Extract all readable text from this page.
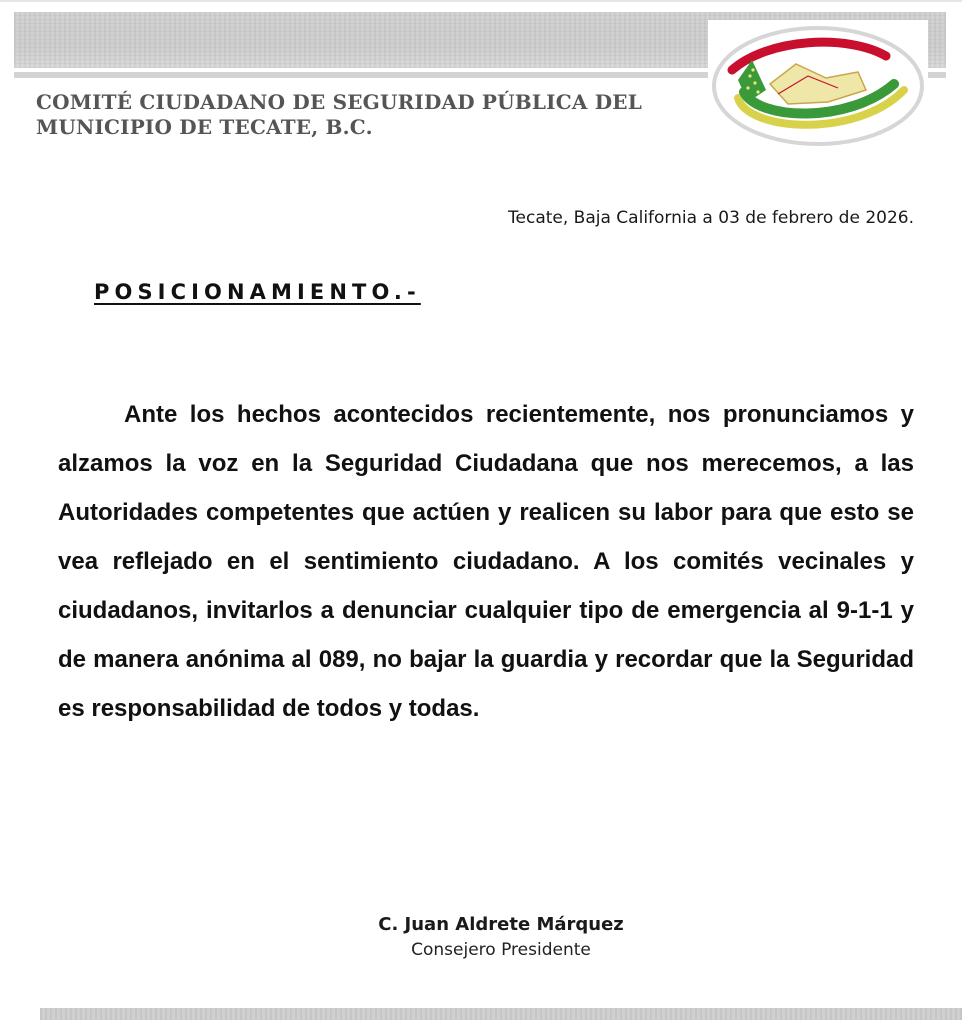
COMITÉ CIUDADANO DE SEGURIDAD PÚBLICA DEL
MUNICIPIO DE TECATE, B.C.

Tecate, Baja California a 03 de febrero de 2026.

POSICIONAMIENTO.-

Ante los hechos acontecidos recientemente, nos pronunciamos y alzamos la voz en la Seguridad Ciudadana que nos merecemos, a las Autoridades competentes que actúen y realicen su labor para que esto se vea reflejado en el sentimiento ciudadano. A los comités vecinales y ciudadanos, invitarlos a denunciar cualquier tipo de emergencia al 9-1-1 y de manera anónima al 089, no bajar la guardia y recordar que la Seguridad es responsabilidad de todos y todas.

C. Juan Aldrete Márquez
Consejero Presidente
